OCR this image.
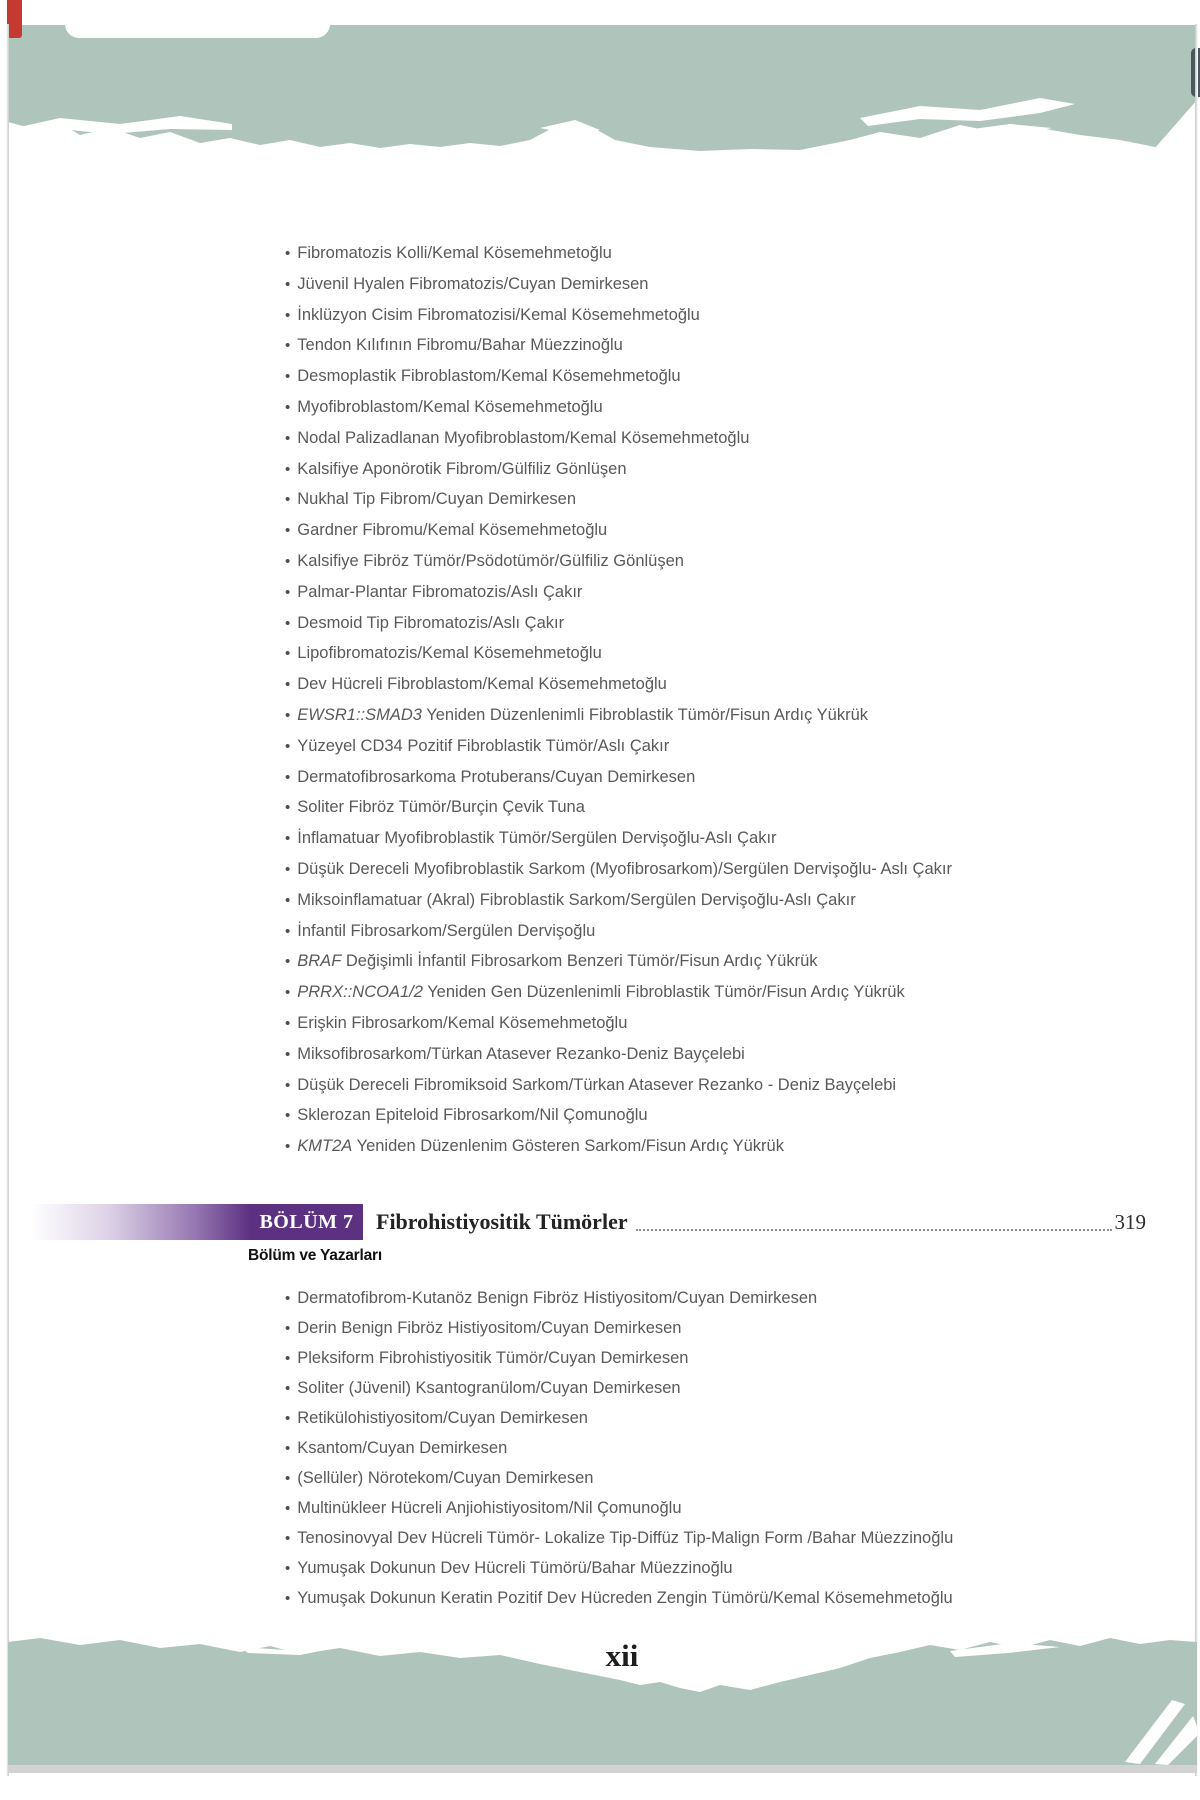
• Fibromatozis Kolli/Kemal Kösemehmetoğlu
• Jüvenil Hyalen Fibromatozis/Cuyan Demirkesen
• İnklüzyon Cisim Fibromatozisi/Kemal Kösemehmetoğlu
• Tendon Kılıfının Fibromu/Bahar Müezzinoğlu
• Desmoplastik Fibroblastom/Kemal Kösemehmetoğlu
• Myofibroblastom/Kemal Kösemehmetoğlu
• Nodal Palizadlanan Myofibroblastom/Kemal Kösemehmetoğlu
• Kalsifiye Aponörotik Fibrom/Gülfiliz Gönlüşen
• Nukhal Tip Fibrom/Cuyan Demirkesen
• Gardner Fibromu/Kemal Kösemehmetoğlu
• Kalsifiye Fibröz Tümör/Psödotümör/Gülfiliz Gönlüşen
• Palmar-Plantar Fibromatozis/Aslı Çakır
• Desmoid Tip Fibromatozis/Aslı Çakır
• Lipofibromatozis/Kemal Kösemehmetoğlu
• Dev Hücreli Fibroblastom/Kemal Kösemehmetoğlu
• EWSR1::SMAD3 Yeniden Düzenlenimli Fibroblastik Tümör/Fisun Ardıç Yükrük
• Yüzeyel CD34 Pozitif Fibroblastik Tümör/Aslı Çakır
• Dermatofibrosarkoma Protuberans/Cuyan Demirkesen
• Soliter Fibröz Tümör/Burçin Çevik Tuna
• İnflamatuar Myofibroblastik Tümör/Sergülen Dervişoğlu-Aslı Çakır
• Düşük Dereceli Myofibroblastik Sarkom (Myofibrosarkom)/Sergülen Dervişoğlu- Aslı Çakır
• Miksoinflamatuar (Akral) Fibroblastik Sarkom/Sergülen Dervişoğlu-Aslı Çakır
• İnfantil Fibrosarkom/Sergülen Dervişoğlu
• BRAF Değişimli İnfantil Fibrosarkom Benzeri Tümör/Fisun Ardıç Yükrük
• PRRX::NCOA1/2 Yeniden Gen Düzenlenimli Fibroblastik Tümör/Fisun Ardıç Yükrük
• Erişkin Fibrosarkom/Kemal Kösemehmetoğlu
• Miksofibrosarkom/Türkan Atasever Rezanko-Deniz Bayçelebi
• Düşük Dereceli Fibromiksoid Sarkom/Türkan Atasever Rezanko - Deniz Bayçelebi
• Sklerozan Epiteloid Fibrosarkom/Nil Çomunoğlu
• KMT2A Yeniden Düzenlenim Gösteren Sarkom/Fisun Ardıç Yükrük
BÖLÜM 7 Fibrohistiyositik Tümörler	319
Bölüm ve Yazarları
• Dermatofibrom-Kutanöz Benign Fibröz Histiyositom/Cuyan Demirkesen
• Derin Benign Fibröz Histiyositom/Cuyan Demirkesen
• Pleksiform Fibrohistiyositik Tümör/Cuyan Demirkesen
• Soliter (Jüvenil) Ksantogranülom/Cuyan Demirkesen
• Retikülohistiyositom/Cuyan Demirkesen
• Ksantom/Cuyan Demirkesen
• (Sellüler) Nörotekom/Cuyan Demirkesen
• Multinükleer Hücreli Anjiohistiyositom/Nil Çomunoğlu
• Tenosinovyal Dev Hücreli Tümör- Lokalize Tip-Diffüz Tip-Malign Form /Bahar Müezzinoğlu
• Yumuşak Dokunun Dev Hücreli Tümörü/Bahar Müezzinoğlu
• Yumuşak Dokunun Keratin Pozitif Dev Hücreden Zengin Tümörü/Kemal Kösemehmetoğlu
xii
